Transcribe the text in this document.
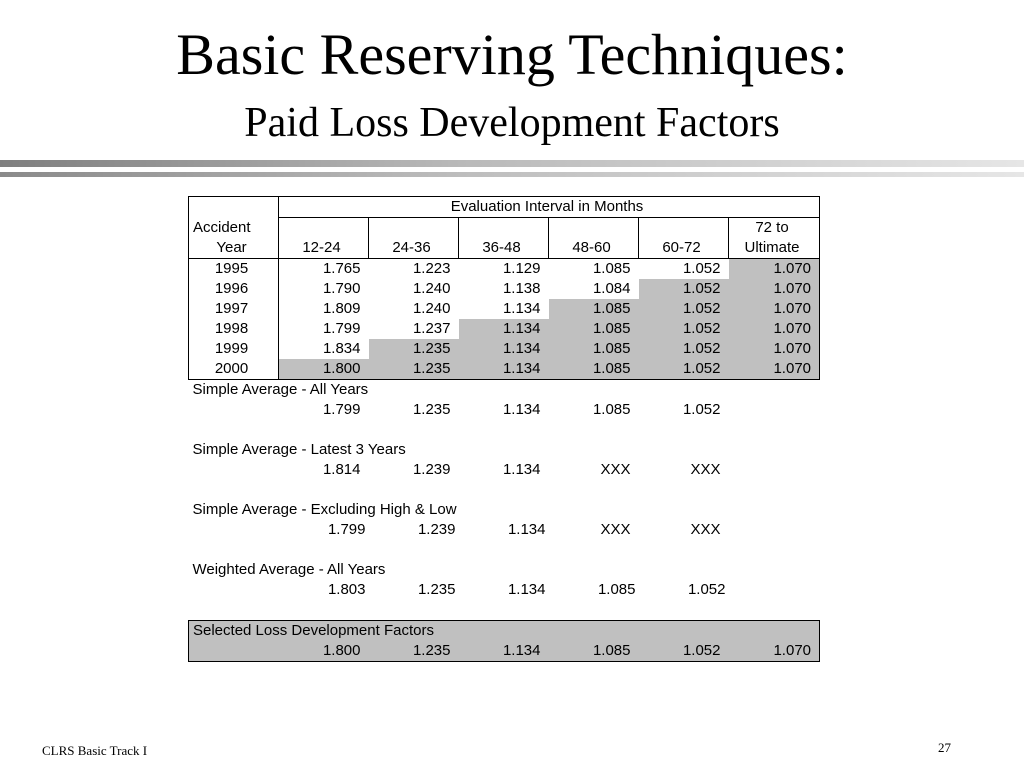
Basic Reserving Techniques:
Paid Loss Development Factors
	Evaluation Interval in Months					
Accident						72 to
Year	12-24	24-36	36-48	48-60	60-72	Ultimate
1995	1.765	1.223	1.129	1.085	1.052	1.070
1996	1.790	1.240	1.138	1.084	1.052	1.070
1997	1.809	1.240	1.134	1.085	1.052	1.070
1998	1.799	1.237	1.134	1.085	1.052	1.070
1999	1.834	1.235	1.134	1.085	1.052	1.070
2000	1.800	1.235	1.134	1.085	1.052	1.070
Simple Average - All Years						
	1.799	1.235	1.134	1.085	1.052	

Simple Average - Latest 3 Years						
	1.814	1.239	1.134	XXX	XXX	

Simple Average - Excluding High & Low						
	1.799	1.239	1.134	XXX	XXX	

Weighted Average - All Years						
	1.803	1.235	1.134	1.085	1.052	

Selected Loss Development Factors						
	1.800	1.235	1.134	1.085	1.052	1.070
CLRS Basic Track I	27
